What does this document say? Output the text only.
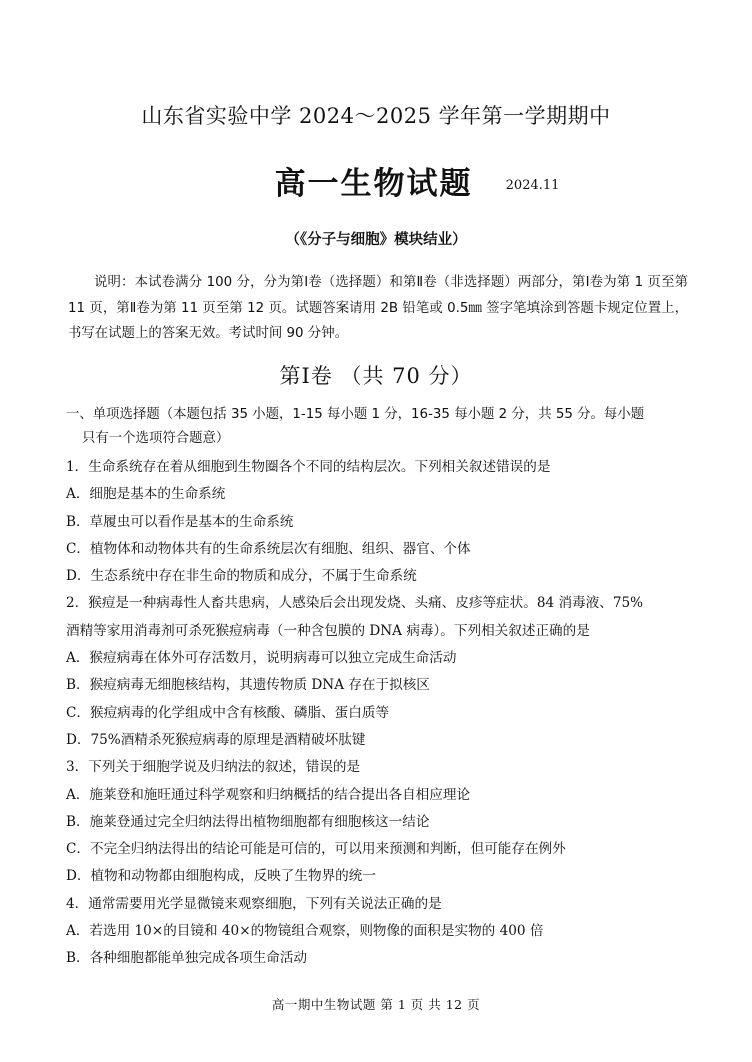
山东省实验中学 2024～2025 学年第一学期期中
高一生物试题	$^{2024.11}$
（《分子与细胞》模块结业）
说明：本试卷满分 100 分，分为第Ⅰ卷（选择题）和第Ⅱ卷（非选择题）两部分，第Ⅰ卷为第 1 页至第 11 页，第Ⅱ卷为第 11 页至第 12 页。试题答案请用 2B 铅笔或 0.5㎜ 签字笔填涂到答题卡规定位置上，书写在试题上的答案无效。考试时间 90 分钟。
第Ⅰ卷 （共 70 分）
一、单项选择题（本题包括 35 小题，1-15 每小题 1 分，16-35 每小题 2 分，共 55 分。每小题
只有一个选项符合题意）
1．生命系统存在着从细胞到生物圈各个不同的结构层次。下列相关叙述错误的是
A．细胞是基本的生命系统
B．草履虫可以看作是基本的生命系统
C．植物体和动物体共有的生命系统层次有细胞、组织、器官、个体
D．生态系统中存在非生命的物质和成分，不属于生命系统
2．猴痘是一种病毒性人畜共患病，人感染后会出现发烧、头痛、皮疹等症状。84 消毒液、75%
酒精等家用消毒剂可杀死猴痘病毒（一种含包膜的 DNA 病毒）。下列相关叙述正确的是
A．猴痘病毒在体外可存活数月，说明病毒可以独立完成生命活动
B．猴痘病毒无细胞核结构，其遗传物质 DNA 存在于拟核区
C．猴痘病毒的化学组成中含有核酸、磷脂、蛋白质等
D．75%酒精杀死猴痘病毒的原理是酒精破坏肽键
3．下列关于细胞学说及归纳法的叙述，错误的是
A．施莱登和施旺通过科学观察和归纳概括的结合提出各自相应理论
B．施莱登通过完全归纳法得出植物细胞都有细胞核这一结论
C．不完全归纳法得出的结论可能是可信的，可以用来预测和判断，但可能存在例外
D．植物和动物都由细胞构成，反映了生物界的统一
4．通常需要用光学显微镜来观察细胞，下列有关说法正确的是
A．若选用 10×的目镜和 40×的物镜组合观察，则物像的面积是实物的 400 倍
B．各种细胞都能单独完成各项生命活动
高一期中生物试题 第 1 页 共 12 页
